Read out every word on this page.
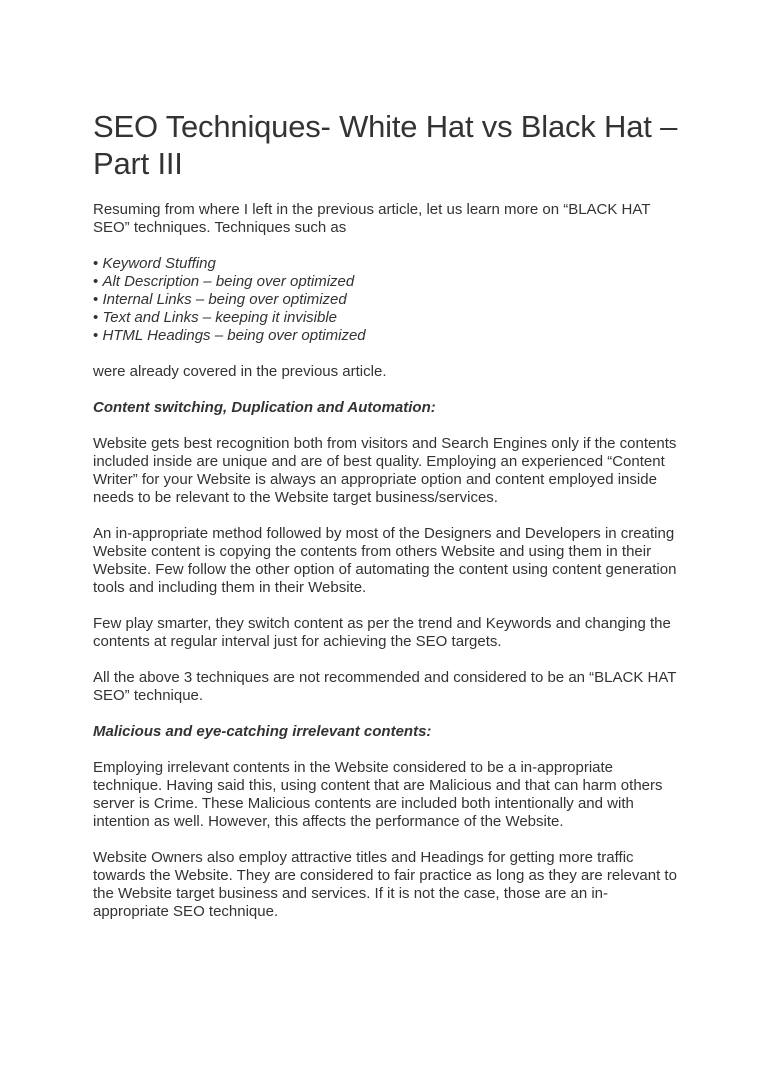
SEO Techniques- White Hat vs Black Hat – Part III

Resuming from where I left in the previous article, let us learn more on “BLACK HAT SEO” techniques. Techniques such as

• Keyword Stuffing
• Alt Description – being over optimized
• Internal Links – being over optimized
• Text and Links – keeping it invisible
• HTML Headings – being over optimized

were already covered in the previous article.

Content switching, Duplication and Automation:

Website gets best recognition both from visitors and Search Engines only if the contents included inside are unique and are of best quality. Employing an experienced “Content Writer” for your Website is always an appropriate option and content employed inside needs to be relevant to the Website target business/services.

An in-appropriate method followed by most of the Designers and Developers in creating Website content is copying the contents from others Website and using them in their Website. Few follow the other option of automating the content using content generation tools and including them in their Website.

Few play smarter, they switch content as per the trend and Keywords and changing the contents at regular interval just for achieving the SEO targets.

All the above 3 techniques are not recommended and considered to be an “BLACK HAT SEO” technique.

Malicious and eye-catching irrelevant contents:

Employing irrelevant contents in the Website considered to be a in-appropriate technique. Having said this, using content that are Malicious and that can harm others server is Crime. These Malicious contents are included both intentionally and with intention as well. However, this affects the performance of the Website.

Website Owners also employ attractive titles and Headings for getting more traffic towards the Website. They are considered to fair practice as long as they are relevant to the Website target business and services. If it is not the case, those are an in-appropriate SEO technique.
